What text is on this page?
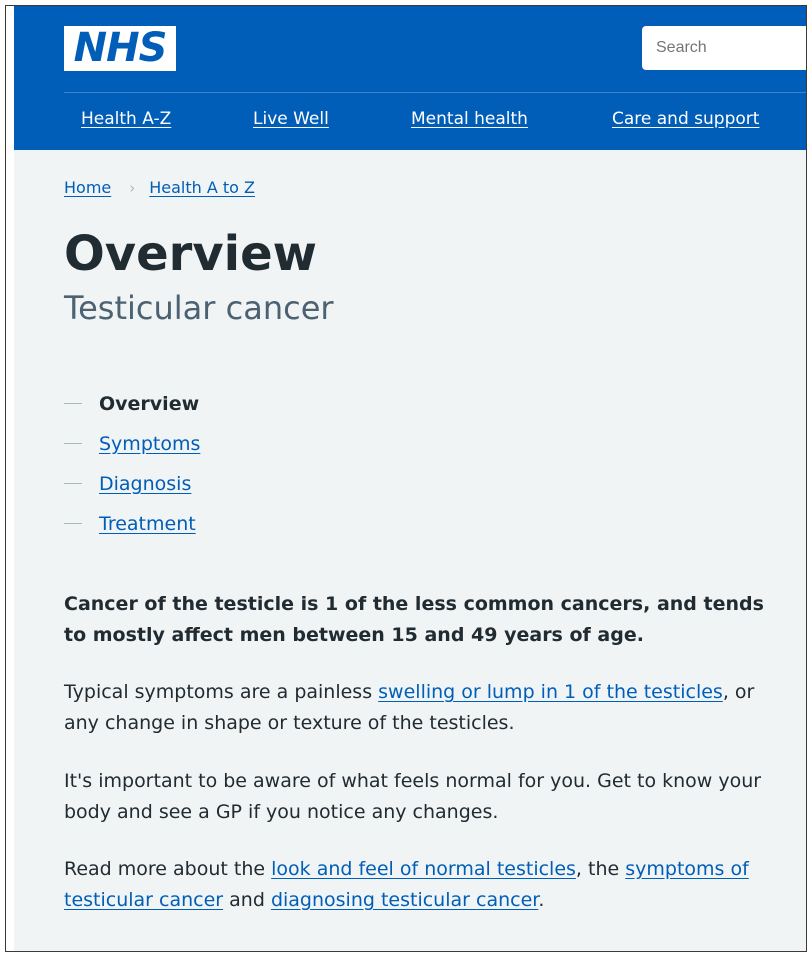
NHS
Search
Health A-Z	Live Well	Mental health	Care and support
Home › Health A to Z
Overview

Testicular cancer

Overview
Symptoms
Diagnosis
Treatment

Cancer of the testicle is 1 of the less common cancers, and tends to mostly affect men between 15 and 49 years of age.

Typical symptoms are a painless swelling or lump in 1 of the testicles, or any change in shape or texture of the testicles.

It's important to be aware of what feels normal for you. Get to know your body and see a GP if you notice any changes.

Read more about the look and feel of normal testicles, the symptoms of testicular cancer and diagnosing testicular cancer.
